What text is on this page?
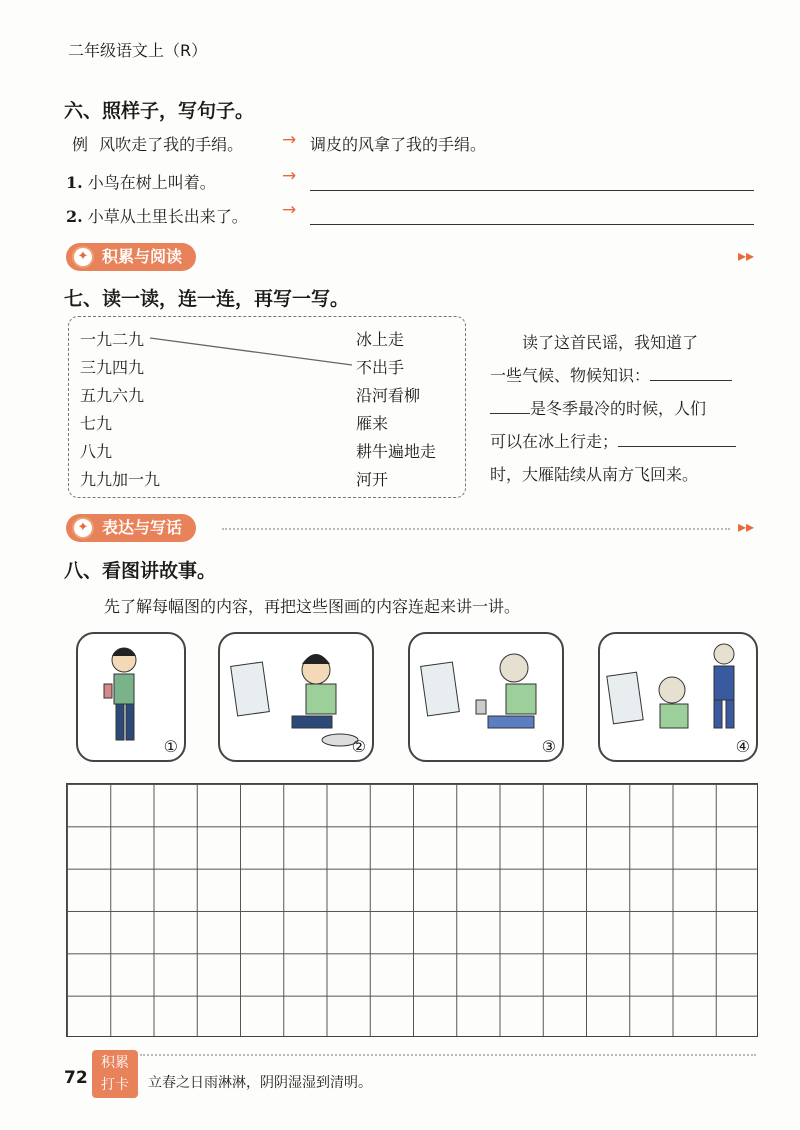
二年级语文上（R）
六、照样子，写句子。
例 风吹走了我的手绢。 → 调皮的风拿了我的手绢。
1. 小鸟在树上叫着。	→
2. 小草从土里长出来了。 →
✦ 积累与阅读	▸▸
七、读一读，连一连，再写一写。
一九二九
三九四九
五九六九
七九
八九
九九加一九
冰上走
不出手
沿河看柳
雁来
耕牛遍地走
河开
读了这首民谣，我知道了
一些气候、物候知识：
是冬季最冷的时候，人们
可以在冰上行走；
时，大雁陆续从南方飞回来。
✦ 表达与写话	▸▸
八、看图讲故事。
先了解每幅图的内容，再把这些图画的内容连起来讲一讲。
①	②	③	④
72
积累
打卡	立春之日雨淋淋，阴阴湿湿到清明。
